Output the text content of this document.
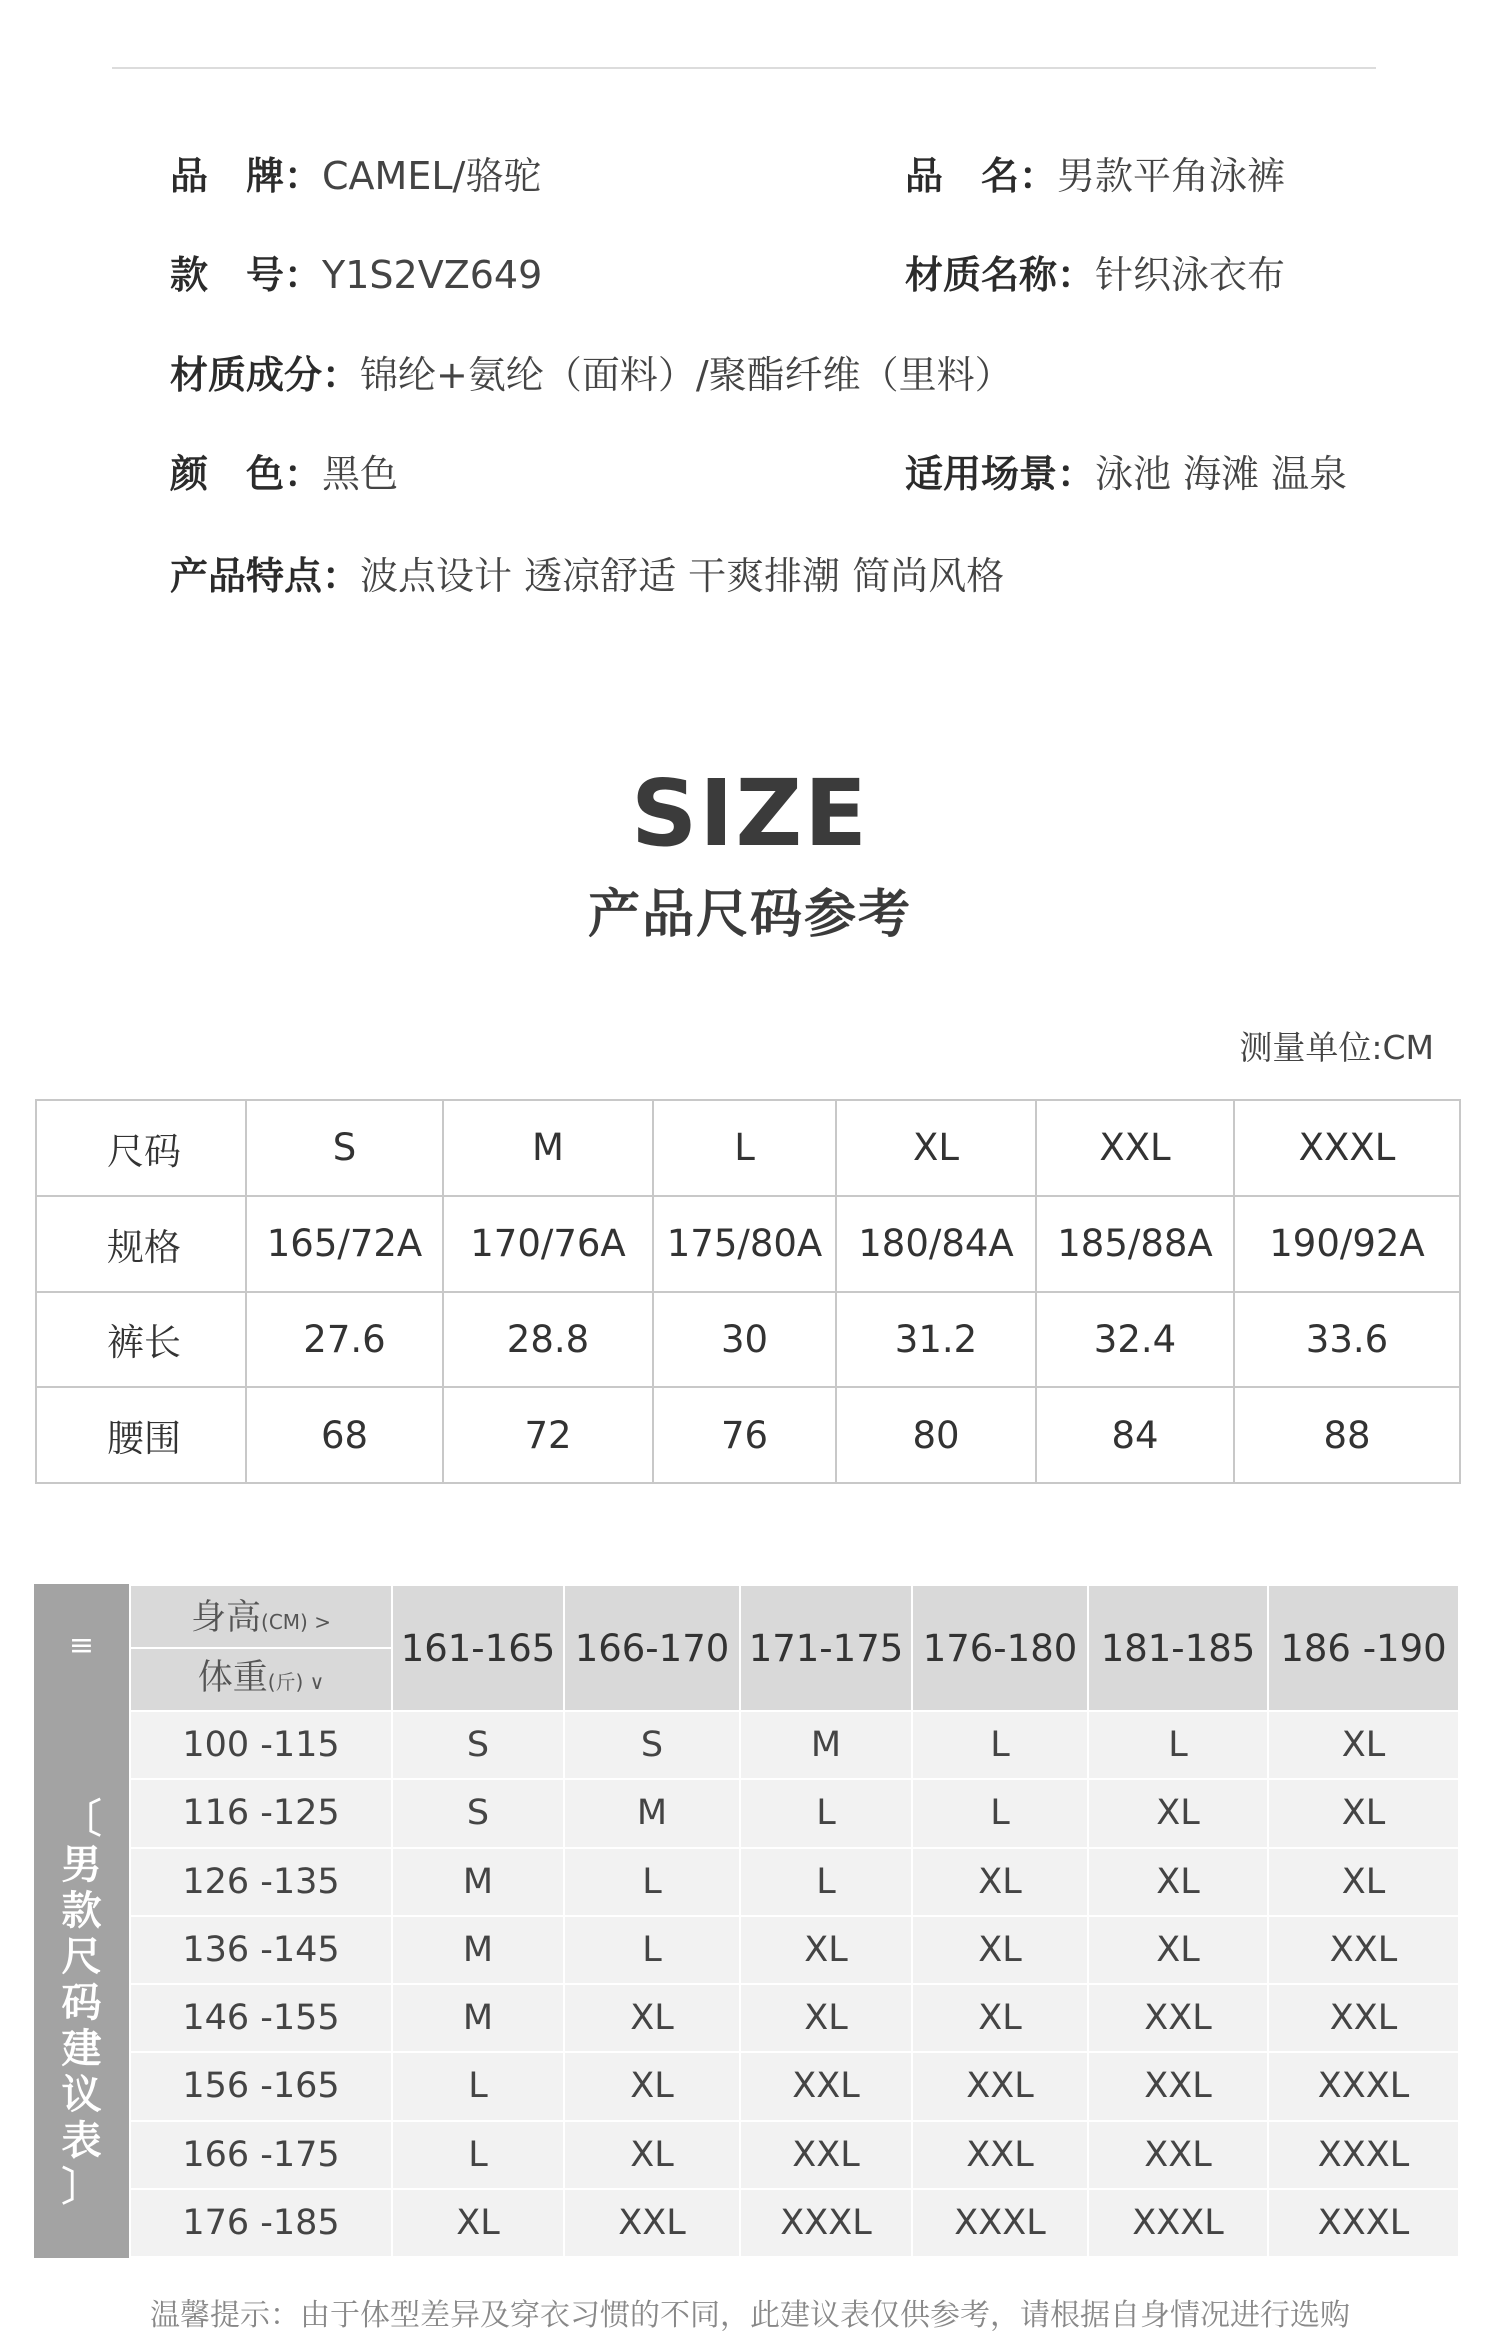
品　牌：CAMEL/骆驼	品　名：男款平角泳裤
款　号：Y1S2VZ649	材质名称：针织泳衣布
材质成分：锦纶+氨纶（面料）/聚酯纤维（里料）
颜　色：黑色	适用场景：泳池 海滩 温泉
产品特点：波点设计 透凉舒适 干爽排潮 简尚风格
SIZE
产品尺码参考
测量单位:CM
尺码	S	M	L	XL	XXL	XXXL
规格	165/72A	170/76A	175/80A	180/84A	185/88A	190/92A
裤长	27.6	28.8	30	31.2	32.4	33.6
腰围	68	72	76	80	84	88
≡
〔
男
款
尺
码
建
议
表
〕
身高(CM) >
体重(斤) ∨	161-165	166-170	171-175	176-180	181-185	186 -190
100 -115	S	S	M	L	L	XL
116 -125	S	M	L	L	XL	XL
126 -135	M	L	L	XL	XL	XL
136 -145	M	L	XL	XL	XL	XXL
146 -155	M	XL	XL	XL	XXL	XXL
156 -165	L	XL	XXL	XXL	XXL	XXXL
166 -175	L	XL	XXL	XXL	XXL	XXXL
176 -185	XL	XXL	XXXL	XXXL	XXXL	XXXL
温馨提示：由于体型差异及穿衣习惯的不同，此建议表仅供参考，请根据自身情况进行选购
